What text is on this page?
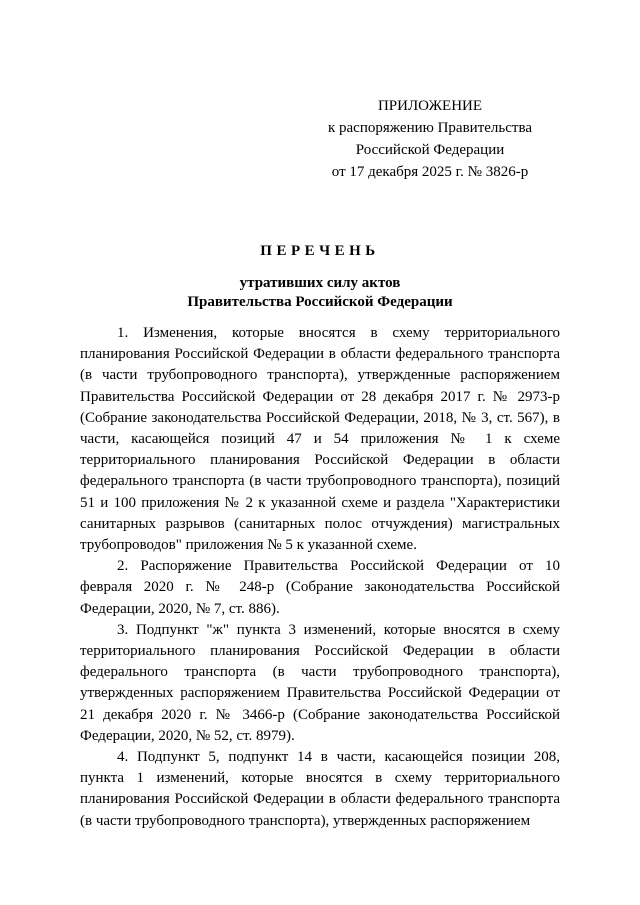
ПРИЛОЖЕНИЕ
к распоряжению Правительства
Российской Федерации
от 17 декабря 2025 г. № 3826-р

ПЕРЕЧЕНЬ

утративших силу актов
Правительства Российской Федерации

1. Изменения, которые вносятся в схему территориального планирования Российской Федерации в области федерального транспорта (в части трубопроводного транспорта), утвержденные распоряжением Правительства Российской Федерации от 28 декабря 2017 г. № 2973-р (Собрание законодательства Российской Федерации, 2018, № 3, ст. 567), в части, касающейся позиций 47 и 54 приложения № 1 к схеме территориального планирования Российской Федерации в области федерального транспорта (в части трубопроводного транспорта), позиций 51 и 100 приложения № 2 к указанной схеме и раздела "Характеристики санитарных разрывов (санитарных полос отчуждения) магистральных трубопроводов" приложения № 5 к указанной схеме.

2. Распоряжение Правительства Российской Федерации от 10 февраля 2020 г. № 248-р (Собрание законодательства Российской Федерации, 2020, № 7, ст. 886).

3. Подпункт "ж" пункта 3 изменений, которые вносятся в схему территориального планирования Российской Федерации в области федерального транспорта (в части трубопроводного транспорта), утвержденных распоряжением Правительства Российской Федерации от 21 декабря 2020 г. № 3466-р (Собрание законодательства Российской Федерации, 2020, № 52, ст. 8979).

4. Подпункт 5, подпункт 14 в части, касающейся позиции 208, пункта 1 изменений, которые вносятся в схему территориального планирования Российской Федерации в области федерального транспорта (в части трубопроводного транспорта), утвержденных распоряжением
